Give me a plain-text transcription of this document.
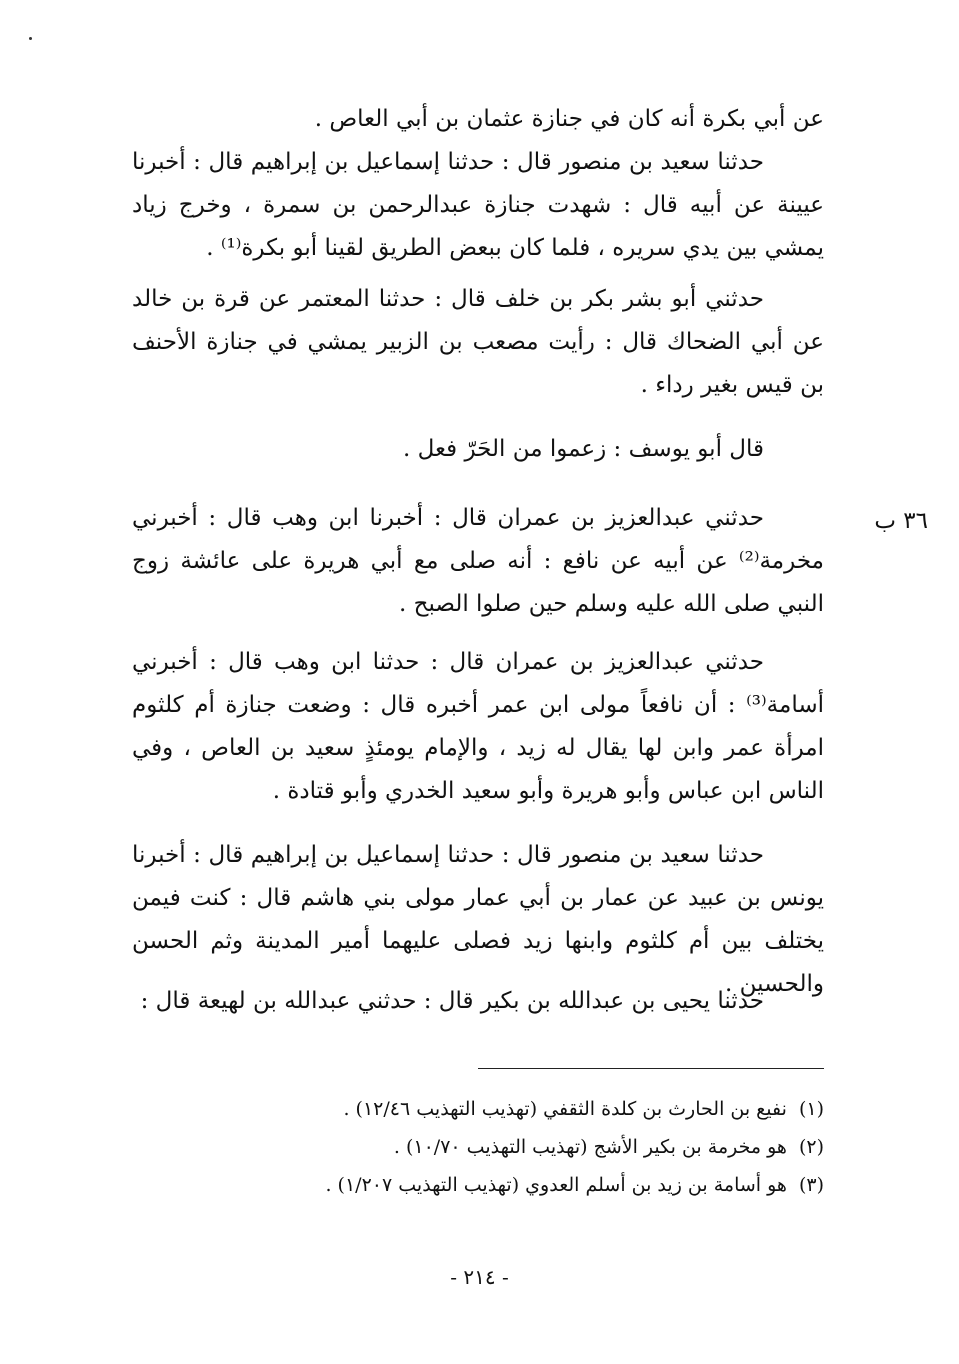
عن أبي بكرة أنه كان في جنازة عثمان بن أبي العاص .

حدثنا سعيد بن منصور قال : حدثنا إسماعيل بن إبراهيم قال : أخبرنا عيينة عن أبيه قال : شهدت جنازة عبدالرحمن بن سمرة ، وخرج زياد يمشي بين يدي سريره ، فلما كان ببعض الطريق لقينا أبو بكرة⁽¹⁾ .

حدثني أبو بشر بكر بن خلف قال : حدثنا المعتمر عن قرة بن خالد عن أبي الضحاك قال : رأيت مصعب بن الزبير يمشي في جنازة الأحنف بن قيس بغير رداء .

قال أبو يوسف : زعموا من الحَرّ فعل .

٣٦ ب

حدثني عبدالعزيز بن عمران قال : أخبرنا ابن وهب قال : أخبرني مخرمة⁽²⁾ عن أبيه عن نافع : أنه صلى مع أبي هريرة على عائشة زوج النبي صلى الله عليه وسلم حين صلوا الصبح .

حدثني عبدالعزيز بن عمران قال : حدثنا ابن وهب قال : أخبرني أسامة⁽³⁾ : أن نافعاً مولى ابن عمر أخبره قال : وضعت جنازة أم كلثوم امرأة عمر وابن لها يقال له زيد ، والإمام يومئذٍ سعيد بن العاص ، وفي الناس ابن عباس وأبو هريرة وأبو سعيد الخدري وأبو قتادة .

حدثنا سعيد بن منصور قال : حدثنا إسماعيل بن إبراهيم قال : أخبرنا يونس بن عبيد عن عمار بن أبي عمار مولى بني هاشم قال : كنت فيمن يختلف بين أم كلثوم وابنها زيد فصلى عليهما أمير المدينة وثم الحسن والحسين .

حدثنا يحيى بن عبدالله بن بكير قال : حدثني عبدالله بن لهيعة قال :

(١)نفيع بن الحارث بن كلدة الثقفي (تهذيب التهذيب ١٢/٤٦) .
(٢)هو مخرمة بن بكير الأشج (تهذيب التهذيب ١٠/٧٠) .
(٣)هو أسامة بن زيد بن أسلم العدوي (تهذيب التهذيب ١/٢٠٧) .
- ٢١٤ -
